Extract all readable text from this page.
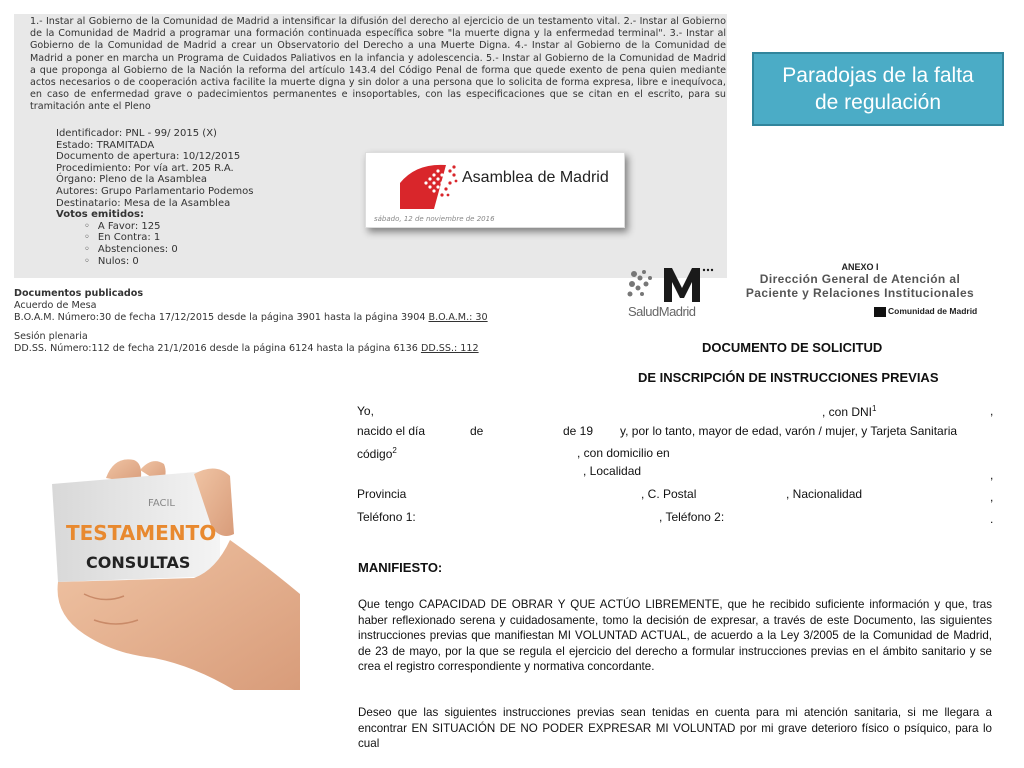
1.- Instar al Gobierno de la Comunidad de Madrid a intensificar la difusión del derecho al ejercicio de un testamento vital. 2.- Instar al Gobierno de la Comunidad de Madrid a programar una formación continuada específica sobre "la muerte digna y la enfermedad terminal". 3.- Instar al Gobierno de la Comunidad de Madrid a crear un Observatorio del Derecho a una Muerte Digna. 4.- Instar al Gobierno de la Comunidad de Madrid a poner en marcha un Programa de Cuidados Paliativos en la infancia y adolescencia. 5.- Instar al Gobierno de la Comunidad de Madrid a que proponga al Gobierno de la Nación la reforma del artículo 143.4 del Código Penal de forma que quede exento de pena quien mediante actos necesarios o de cooperación activa facilite la muerte digna y sin dolor a una persona que lo solicita de forma expresa, libre e inequívoca, en caso de enfermedad grave o padecimientos permanentes e insoportables, con las especificaciones que se citan en el escrito, para su tramitación ante el Pleno
Identificador: PNL - 99/ 2015 (X)
Estado: TRAMITADA
Documento de apertura: 10/12/2015
Procedimiento: Por vía art. 205 R.A.
Órgano: Pleno de la Asamblea
Autores: Grupo Parlamentario Podemos
Destinatario: Mesa de la Asamblea
Votos emitidos:
◦ A Favor: 125
◦ En Contra: 1
◦ Abstenciones: 0
◦ Nulos: 0
Asamblea de Madrid
sábado, 12 de noviembre de 2016
Documentos publicados
Acuerdo de Mesa
B.O.A.M. Número:30 de fecha 17/12/2015 desde la página 3901 hasta la página 3904 B.O.A.M.: 30
Sesión plenaria
DD.SS. Número:112 de fecha 21/1/2016 desde la página 6124 hasta la página 6136 DD.SS.: 112
Paradojas de la falta
de regulación
SaludMadrid
ANEXO I
Dirección General de Atención al
Paciente y Relaciones Institucionales
Comunidad de Madrid
DOCUMENTO DE SOLICITUD
DE INSCRIPCIÓN DE INSTRUCCIONES PREVIAS
Yo,	, con DNI$^1$	,
nacido el día	de	de 19 y, por lo tanto, mayor de edad, varón / mujer, y Tarjeta Sanitaria
código$^2$	, con domicilio en
, Localidad	,
Provincia	, C. Postal	, Nacionalidad	,
Teléfono 1:	, Teléfono 2:	.
MANIFIESTO:
Que tengo CAPACIDAD DE OBRAR Y QUE ACTÚO LIBREMENTE, que he recibido suficiente información y que, tras haber reflexionado serena y cuidadosamente, tomo la decisión de expresar, a través de este Documento, las siguientes instrucciones previas que manifiestan MI VOLUNTAD ACTUAL, de acuerdo a la Ley 3/2005 de la Comunidad de Madrid, de 23 de mayo, por la que se regula el ejercicio del derecho a formular instrucciones previas en el ámbito sanitario y se crea el registro correspondiente y normativa concordante.
Deseo que las siguientes instrucciones previas sean tenidas en cuenta para mi atención sanitaria, si me llegara a encontrar EN SITUACIÓN DE NO PODER EXPRESAR MI VOLUNTAD por mi grave deterioro físico o psíquico, para lo cual
FACIL
TESTAMENTO
CONSULTAS
